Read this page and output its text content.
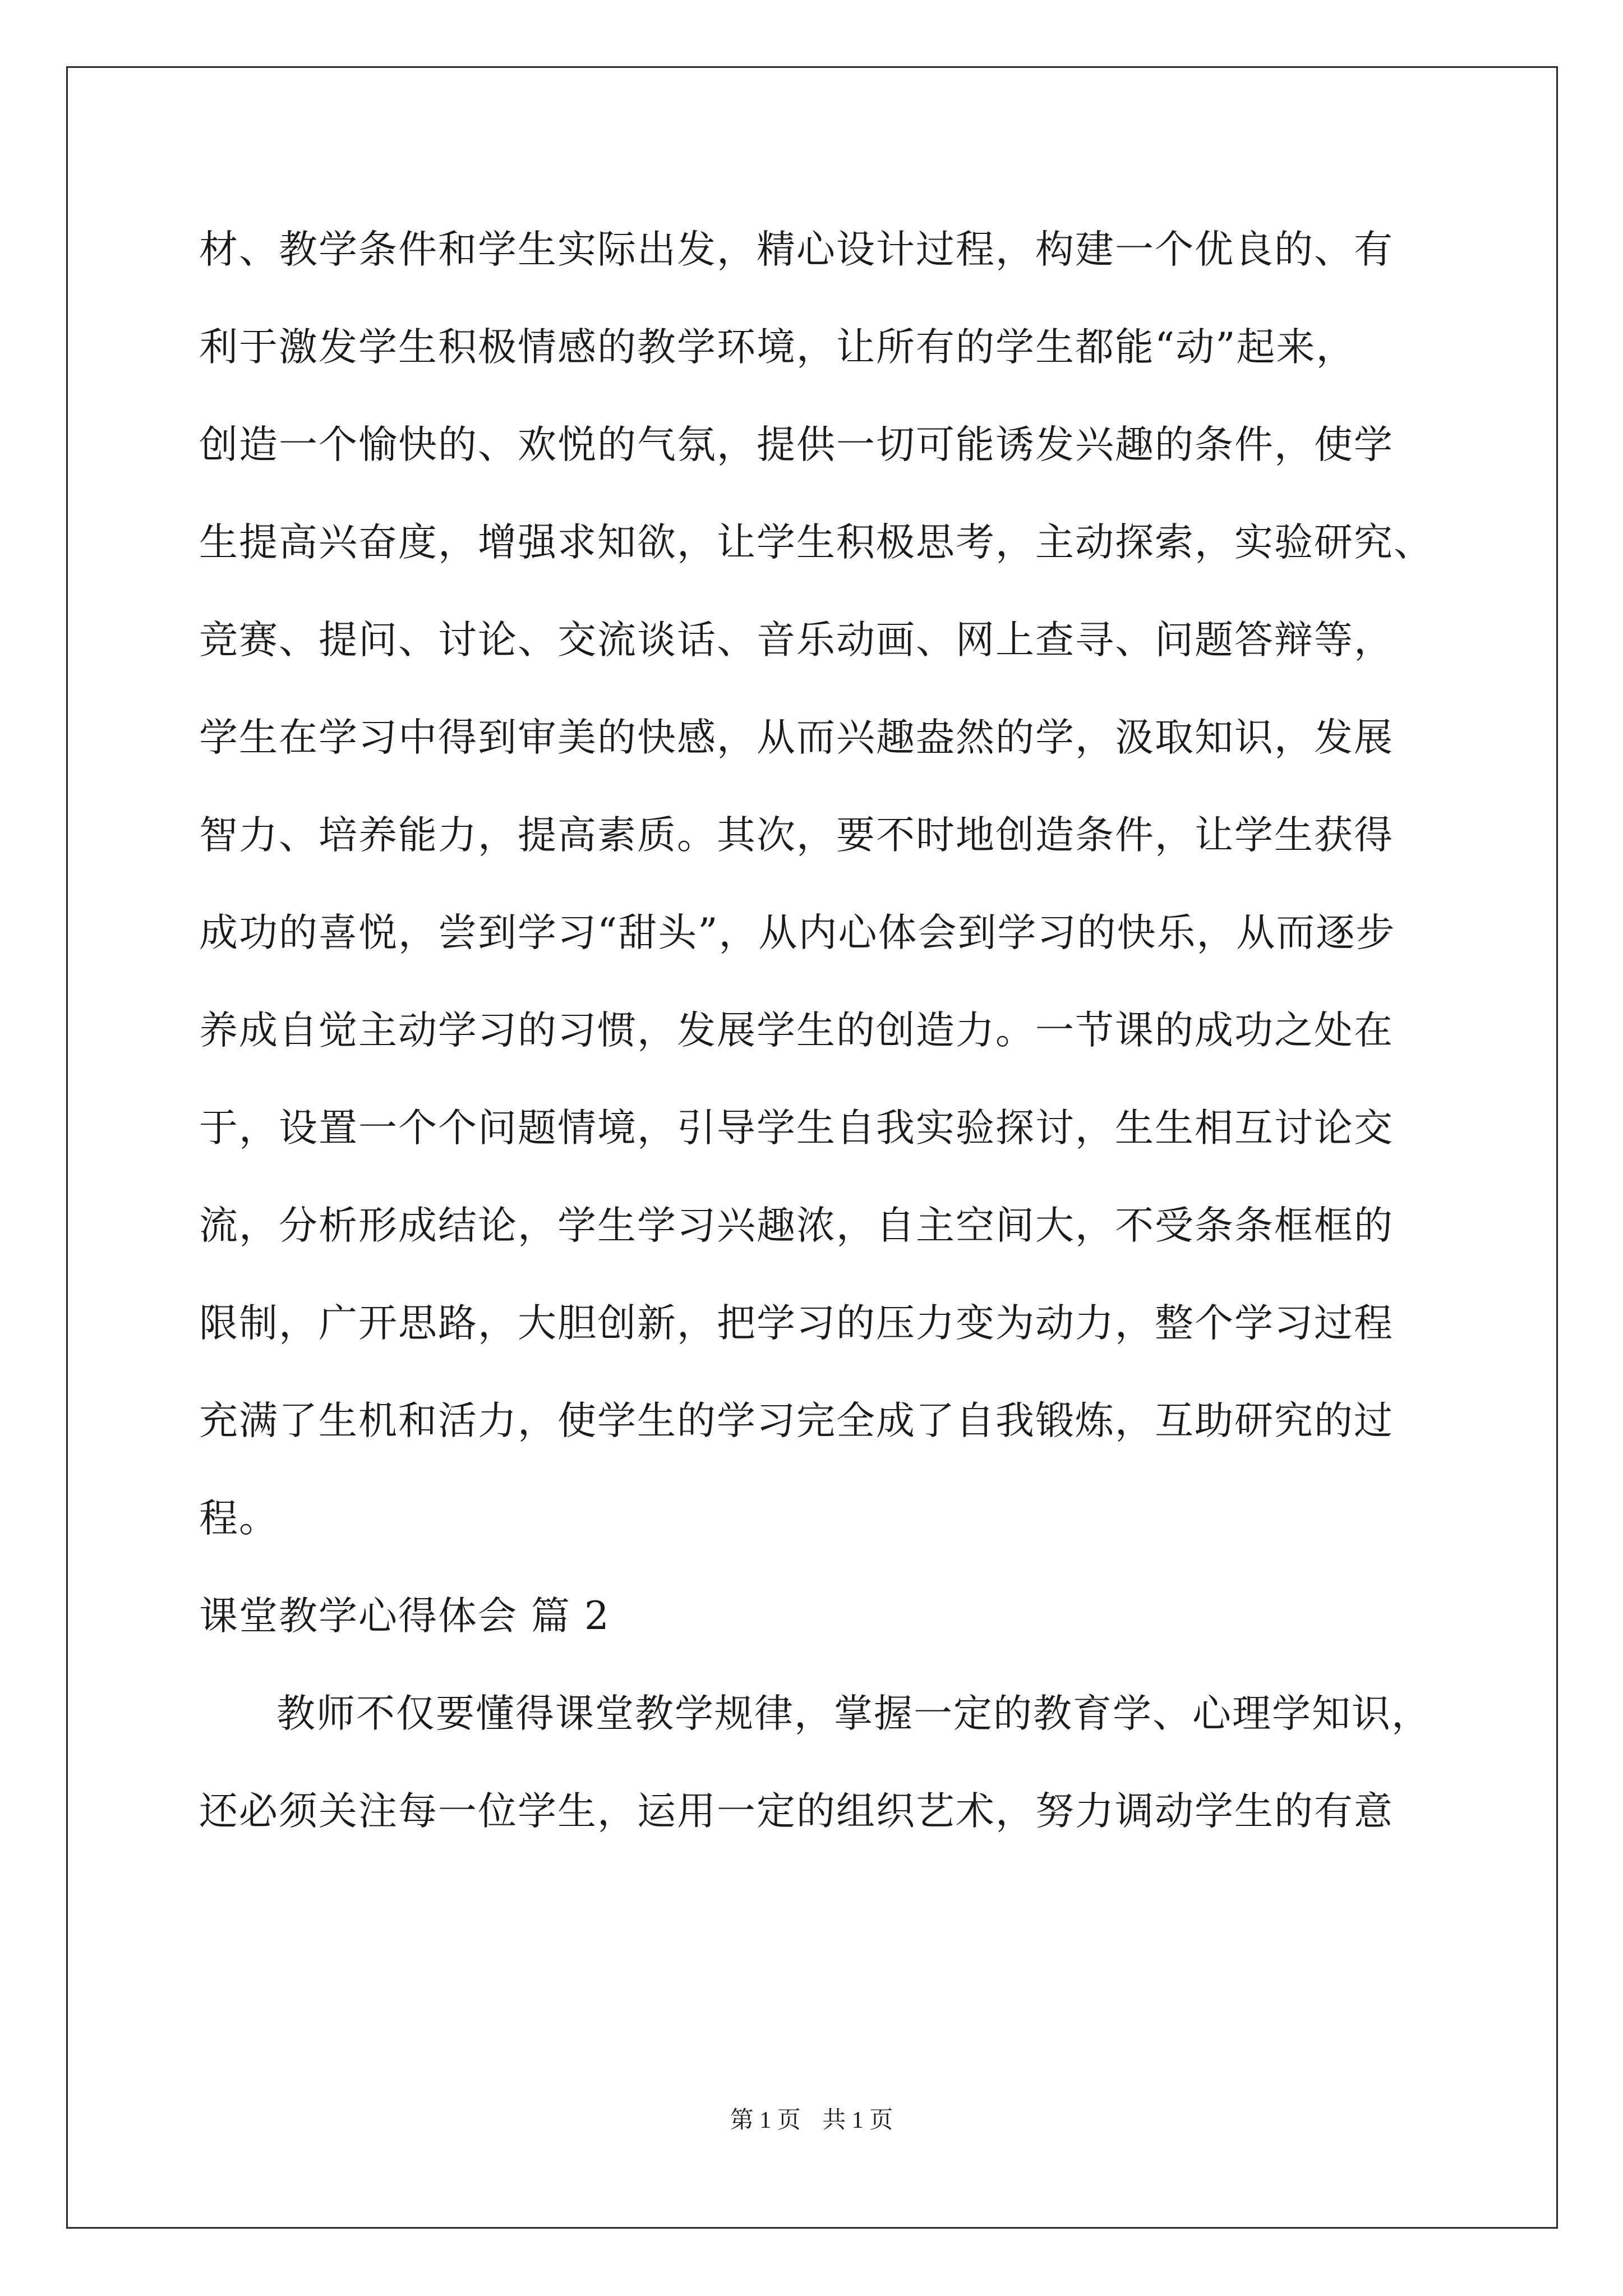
材、教学条件和学生实际出发，精心设计过程，构建一个优良的、有
利于激发学生积极情感的教学环境，让所有的学生都能“动”起来，
创造一个愉快的、欢悦的气氛，提供一切可能诱发兴趣的条件，使学
生提高兴奋度，增强求知欲，让学生积极思考，主动探索，实验研究、
竞赛、提问、讨论、交流谈话、音乐动画、网上查寻、问题答辩等，
学生在学习中得到审美的快感，从而兴趣盎然的学，汲取知识，发展
智力、培养能力，提高素质。其次，要不时地创造条件，让学生获得
成功的喜悦，尝到学习“甜头”，从内心体会到学习的快乐，从而逐步
养成自觉主动学习的习惯，发展学生的创造力。一节课的成功之处在
于，设置一个个问题情境，引导学生自我实验探讨，生生相互讨论交
流，分析形成结论，学生学习兴趣浓，自主空间大，不受条条框框的
限制，广开思路，大胆创新，把学习的压力变为动力，整个学习过程
充满了生机和活力，使学生的学习完全成了自我锻炼，互助研究的过
程。
课堂教学心得体会 篇 2
教师不仅要懂得课堂教学规律，掌握一定的教育学、心理学知识，
还必须关注每一位学生，运用一定的组织艺术，努力调动学生的有意
第 1 页 共 1 页
